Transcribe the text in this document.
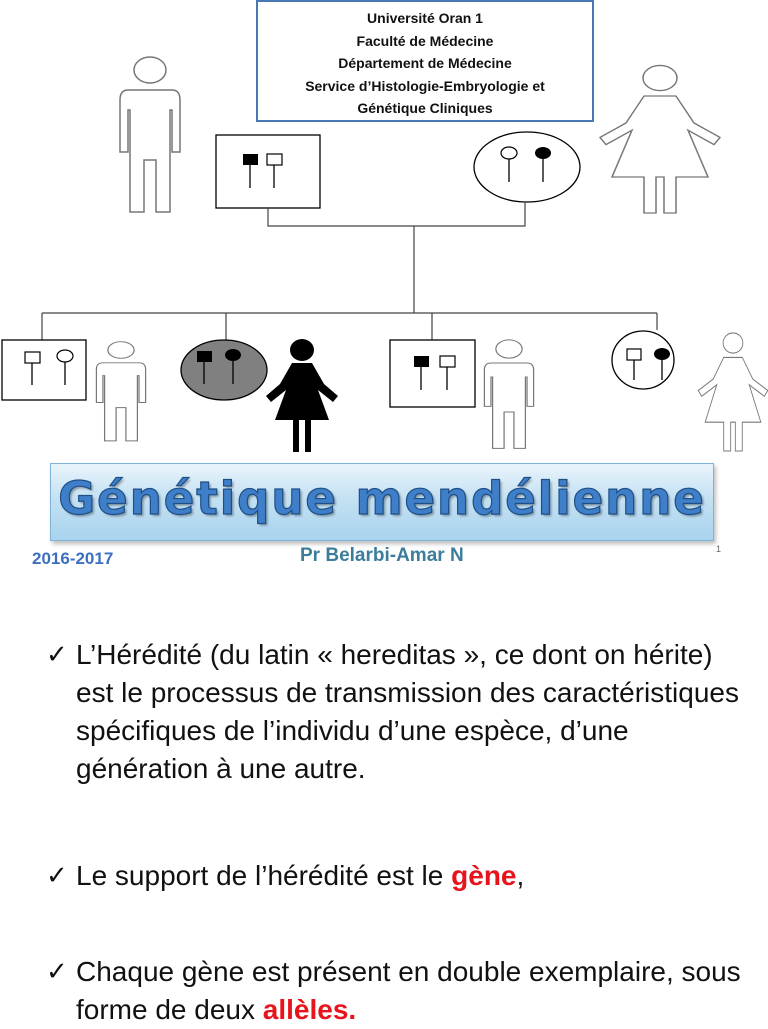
Université Oran 1
Faculté de Médecine
Département de Médecine
Service d’Histologie-Embryologie et
Génétique Cliniques
Génétique mendélienne
2016-2017	Pr Belarbi-Amar N	1
✓ L’Hérédité (du latin « hereditas », ce dont on hérite) est le processus de transmission des caractéristiques spécifiques de l’individu d’une espèce, d’une génération à une autre.
✓ Le support de l’hérédité est le gène,
✓ Chaque gène est présent en double exemplaire, sous forme de deux allèles.
